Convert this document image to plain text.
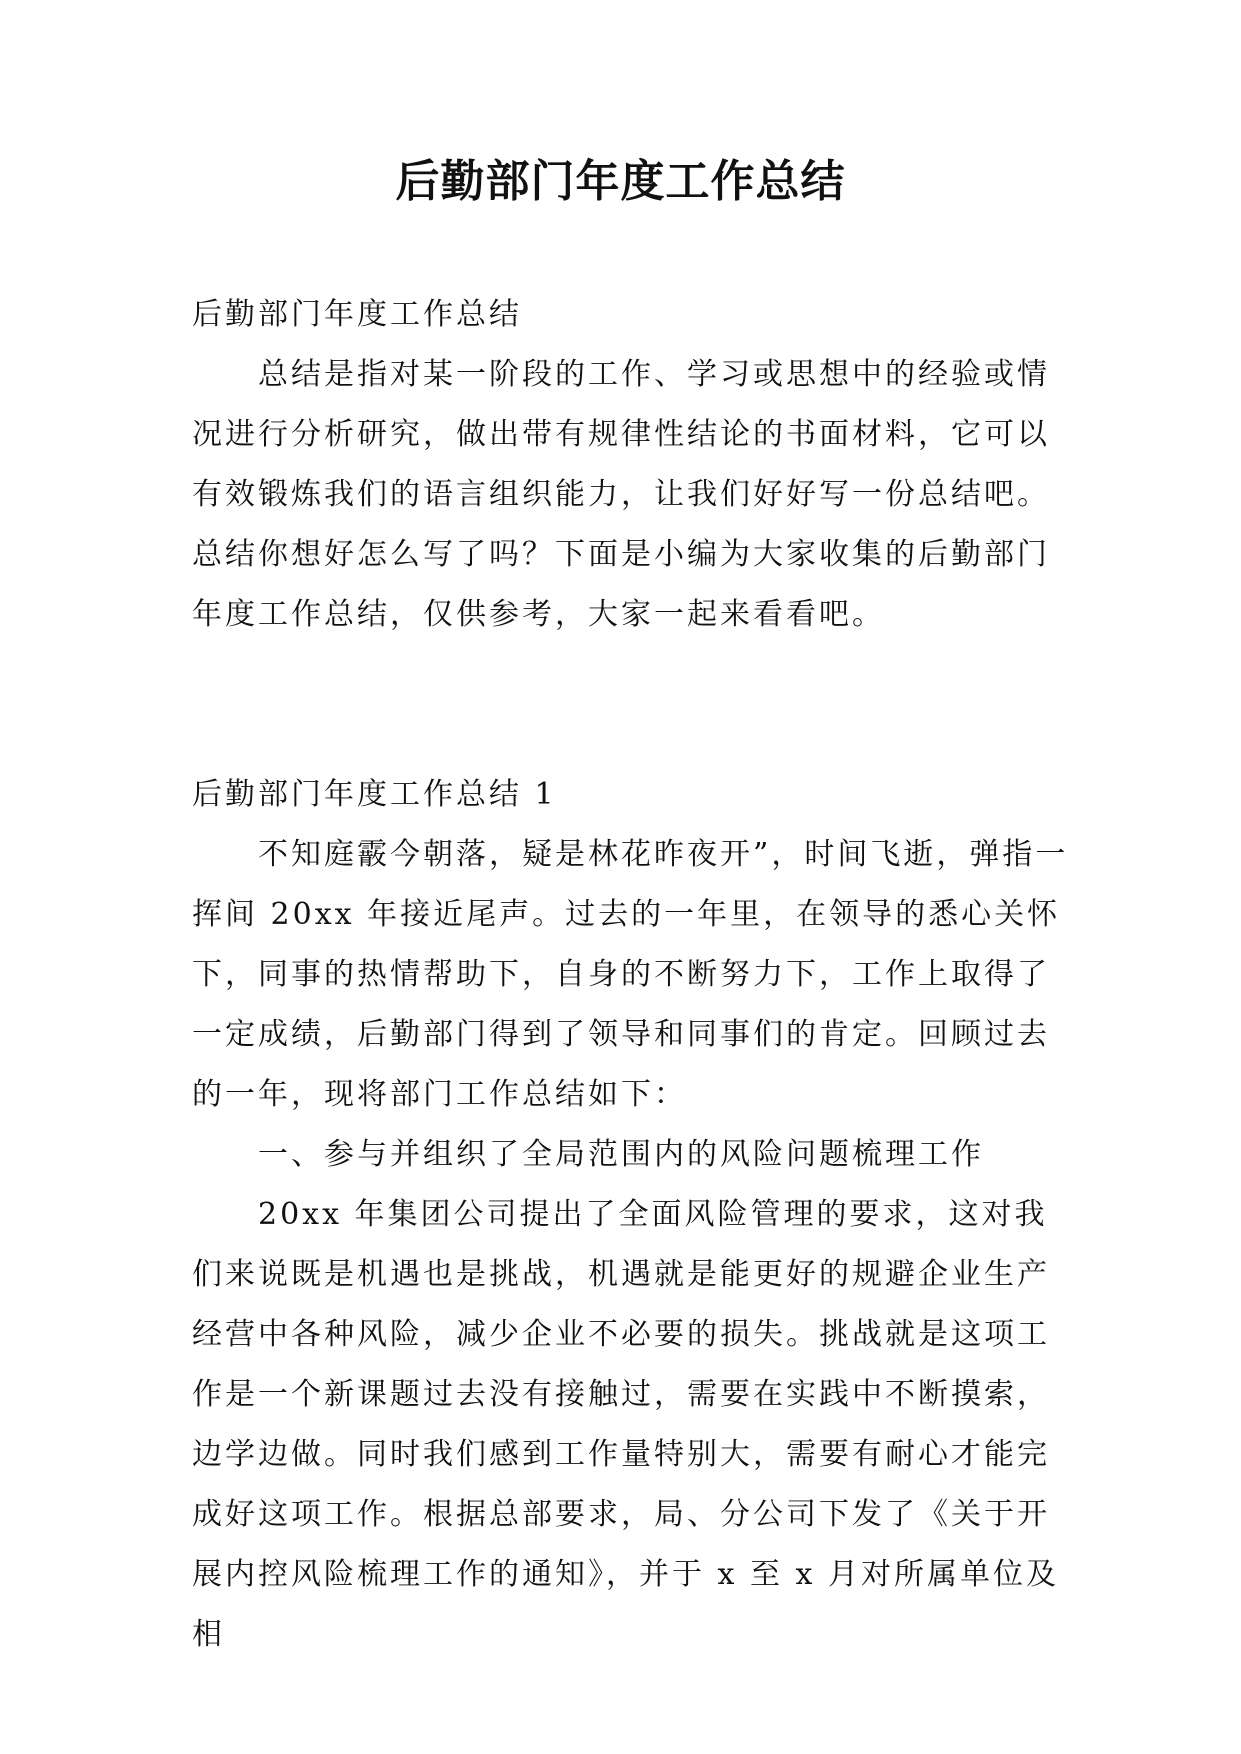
后勤部门年度工作总结

后勤部门年度工作总结

总结是指对某一阶段的工作、学习或思想中的经验或情况进行分析研究，做出带有规律性结论的书面材料，它可以有效锻炼我们的语言组织能力，让我们好好写一份总结吧。总结你想好怎么写了吗？下面是小编为大家收集的后勤部门年度工作总结，仅供参考，大家一起来看看吧。

后勤部门年度工作总结 1

不知庭霰今朝落，疑是林花昨夜开”，时间飞逝，弹指一挥间 20xx 年接近尾声。过去的一年里，在领导的悉心关怀下，同事的热情帮助下，自身的不断努力下，工作上取得了一定成绩，后勤部门得到了领导和同事们的肯定。回顾过去的一年，现将部门工作总结如下：

一、参与并组织了全局范围内的风险问题梳理工作

20xx 年集团公司提出了全面风险管理的要求，这对我们来说既是机遇也是挑战，机遇就是能更好的规避企业生产经营中各种风险，减少企业不必要的损失。挑战就是这项工作是一个新课题过去没有接触过，需要在实践中不断摸索，边学边做。同时我们感到工作量特别大，需要有耐心才能完成好这项工作。根据总部要求，局、分公司下发了《关于开展内控风险梳理工作的通知》，并于 x 至 x 月对所属单位及相
